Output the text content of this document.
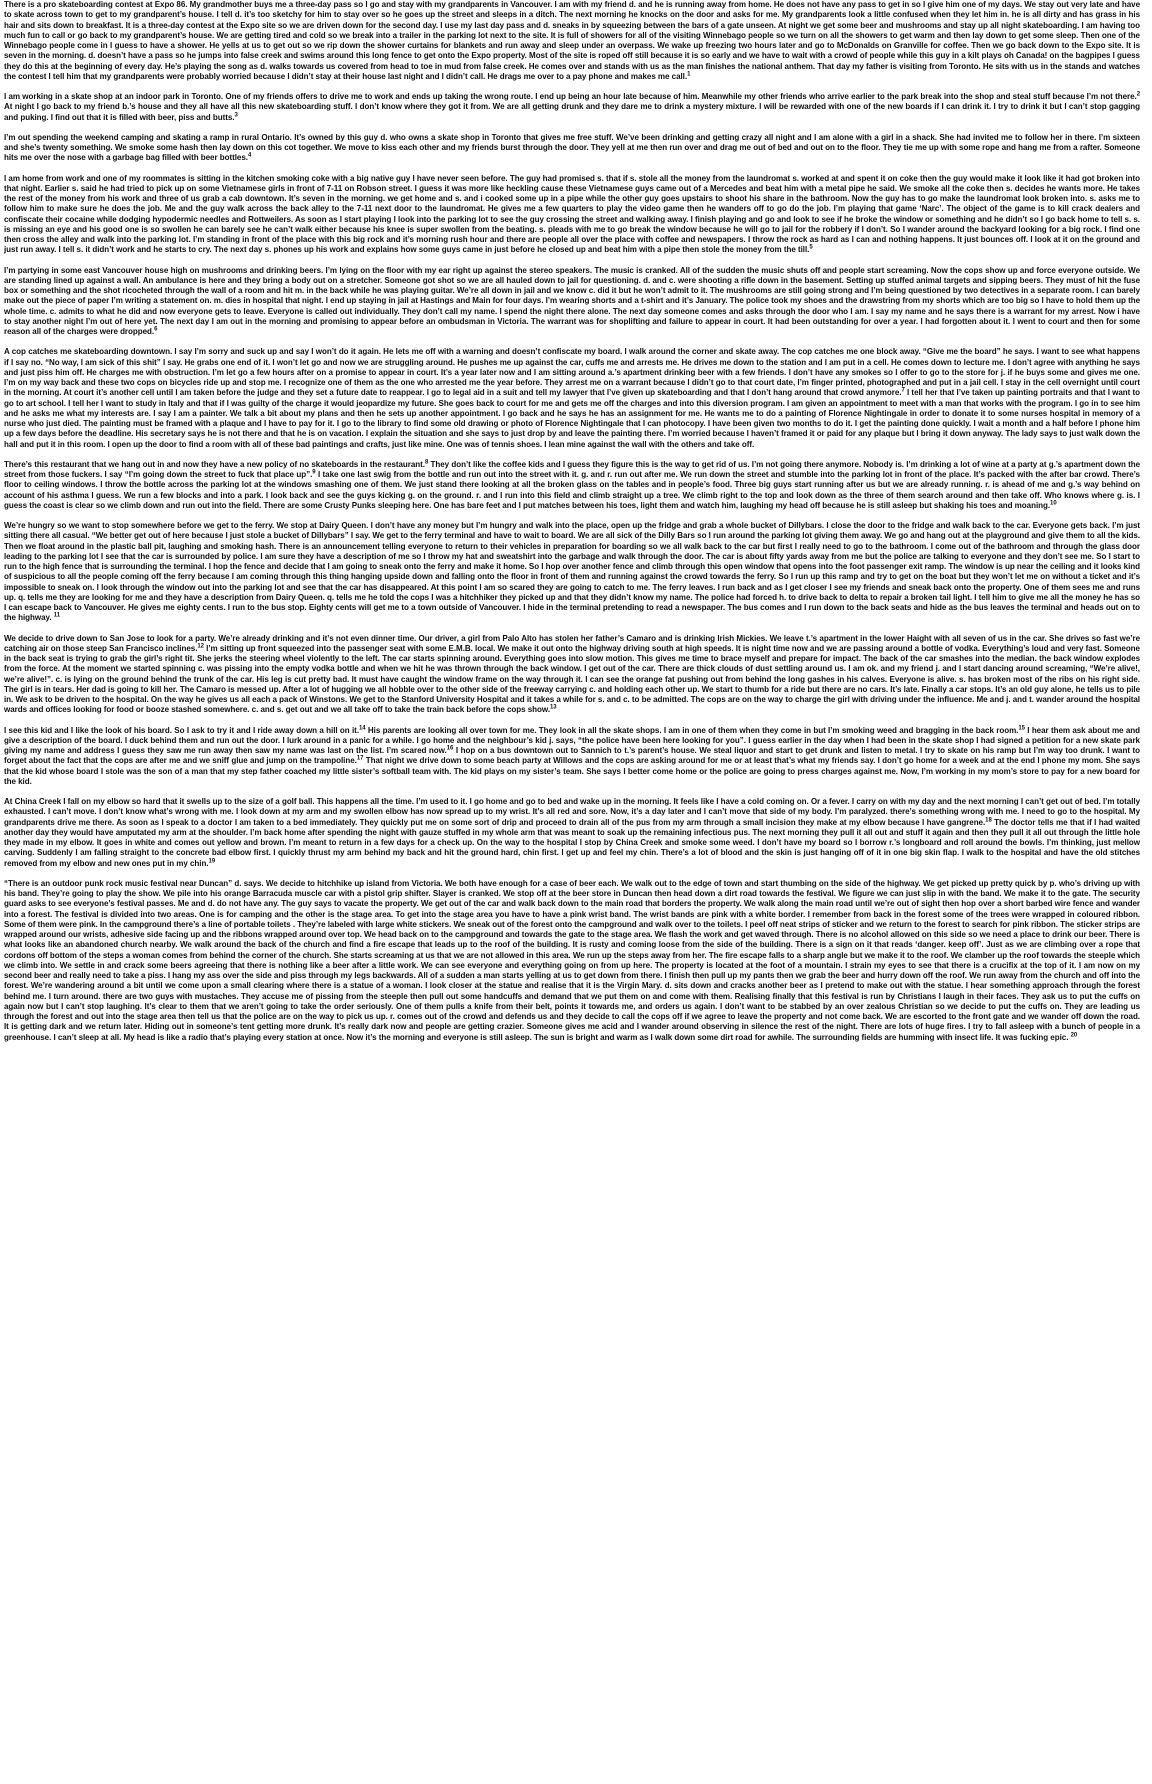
There is a pro skateboarding contest at Expo 86. My grandmother buys me a three-day pass so I go and stay with my grandparents in Vancouver. I am with my friend d. and he is running away from home. He does not have any pass to get in so I give him one of my days. We stay out very late and have to skate across town to get to my grandparent’s house. I tell d. it’s too sketchy for him to stay over so he goes up the street and sleeps in a ditch. The next morning he knocks on the door and asks for me. My grandparents look a little confused when they let him in. he is all dirty and has grass in his hair and sits down to breakfast. It is a three-day contest at the Expo site so we are driven down for the second day. I use my last day pass and d. sneaks in by squeezing between the bars of a gate unseen. At night we get some beer and mushrooms and stay up all night skateboarding. I am having too much fun to call or go back to my grandparent’s house. We are getting tired and cold so we break into a trailer in the parking lot next to the site. It is full of showers for all of the visiting Winnebago people so we turn on all the showers to get warm and then lay down to get some sleep. Then one of the Winnebago people come in I guess to have a shower. He yells at us to get out so we rip down the shower curtains for blankets and run away and sleep under an overpass. We wake up freezing two hours later and go to McDonalds on Granville for coffee. Then we go back down to the Expo site. It is seven in the morning. d. doesn’t have a pass so he jumps into false creek and swims around this long fence to get onto the Expo property. Most of the site is roped off still because it is so early and we have to wait with a crowd of people while this guy in a kilt plays oh Canada! on the bagpipes I guess they do this at the beginning of every day. He’s playing the song as d. walks towards us covered from head to toe in mud from false creek. He comes over and stands with us as the man finishes the national anthem. That day my father is visiting from Toronto. He sits with us in the stands and watches the contest I tell him that my grandparents were probably worried because I didn’t stay at their house last night and I didn’t call. He drags me over to a pay phone and makes me call.$^1$

I am working in a skate shop at an indoor park in Toronto. One of my friends offers to drive me to work and ends up taking the wrong route. I end up being an hour late because of him. Meanwhile my other friends who arrive earlier to the park break into the shop and steal stuff because I’m not there.$^2$ At night I go back to my friend b.’s house and they all have all this new skateboarding stuff. I don’t know where they got it from. We are all getting drunk and they dare me to drink a mystery mixture. I will be rewarded with one of the new boards if I can drink it. I try to drink it but I can’t stop gagging and puking. I find out that it is filled with beer, piss and butts.$^3$

I’m out spending the weekend camping and skating a ramp in rural Ontario. It’s owned by this guy d. who owns a skate shop in Toronto that gives me free stuff. We’ve been drinking and getting crazy all night and I am alone with a girl in a shack. She had invited me to follow her in there. I’m sixteen and she’s twenty something. We smoke some hash then lay down on this cot together. We move to kiss each other and my friends burst through the door. They yell at me then run over and drag me out of bed and out on to the floor. They tie me up with some rope and hang me from a rafter. Someone hits me over the nose with a garbage bag filled with beer bottles.$^4$

I am home from work and one of my roommates is sitting in the kitchen smoking coke with a big native guy I have never seen before. The guy had promised s. that if s. stole all the money from the laundromat s. worked at and spent it on coke then the guy would make it look like it had got broken into that night. Earlier s. said he had tried to pick up on some Vietnamese girls in front of 7-11 on Robson street. I guess it was more like heckling cause these Vietnamese guys came out of a Mercedes and beat him with a metal pipe he said. We smoke all the coke then s. decides he wants more. He takes the rest of the money from his work and three of us grab a cab downtown. It’s seven in the morning. we get home and s. and i cooked some up in a pipe while the other guy goes upstairs to shoot his share in the bathroom. Now the guy has to go make the laundromat look broken into. s. asks me to follow him to make sure he does the job. Me and the guy walk across the back alley to the 7-11 next door to the laundromat. He gives me a few quarters to play the video game then he wanders off to go do the job. I’m playing that game ‘Narc’. The object of the game is to kill crack dealers and confiscate their cocaine while dodging hypodermic needles and Rottweilers. As soon as I start playing I look into the parking lot to see the guy crossing the street and walking away. I finish playing and go and look to see if he broke the window or something and he didn’t so I go back home to tell s. s. is missing an eye and his good one is so swollen he can barely see he can’t walk either because his knee is super swollen from the beating. s. pleads with me to go break the window because he will go to jail for the robbery if I don’t. So I wander around the backyard looking for a big rock. I find one then cross the alley and walk into the parking lot. I’m standing in front of the place with this big rock and it’s morning rush hour and there are people all over the place with coffee and newspapers. I throw the rock as hard as I can and nothing happens. It just bounces off. I look at it on the ground and just run away. I tell s. it didn’t work and he starts to cry. The next day s. phones up his work and explains how some guys came in just before he closed up and beat him with a pipe then stole the money from the till.$^5$

I’m partying in some east Vancouver house high on mushrooms and drinking beers. I’m lying on the floor with my ear right up against the stereo speakers. The music is cranked. All of the sudden the music shuts off and people start screaming. Now the cops show up and force everyone outside. We are standing lined up against a wall. An ambulance is here and they bring a body out on a stretcher. Someone got shot so we are all hauled down to jail for questioning. d. and c. were shooting a rifle down in the basement. Setting up stuffed animal targets and sipping beers. They must of hit the fuse box or something and the shot ricocheted through the wall of a room and hit m. in the back while he was playing guitar. We’re all down in jail and we know c. did it but he won’t admit to it. The mushrooms are still going strong and I’m being questioned by two detectives in a separate room. I can barely make out the piece of paper I’m writing a statement on. m. dies in hospital that night. I end up staying in jail at Hastings and Main for four days. I’m wearing shorts and a t-shirt and it’s January. The police took my shoes and the drawstring from my shorts which are too big so I have to hold them up the whole time. c. admits to what he did and now everyone gets to leave. Everyone is called out individually. They don’t call my name. I spend the night there alone. The next day someone comes and asks through the door who I am. I say my name and he says there is a warrant for my arrest. Now i have to stay another night I’m out of here yet. The next day I am out in the morning and promising to appear before an ombudsman in Victoria. The warrant was for shoplifting and failure to appear in court. It had been outstanding for over a year. I had forgotten about it. I went to court and then for some reason all of the charges were dropped.$^6$

A cop catches me skateboarding downtown. I say I’m sorry and suck up and say I won’t do it again. He lets me off with a warning and doesn’t confiscate my board. I walk around the corner and skate away. The cop catches me one block away. “Give me the board” he says. I want to see what happens if I say no. “No way, I am sick of this shit” I say. He grabs one end of it. I won’t let go and now we are struggling around. He pushes me up against the car, cuffs me and arrests me. He drives me down to the station and I am put in a cell. He comes down to lecture me. I don’t agree with anything he says and just piss him off. He charges me with obstruction. I’m let go a few hours after on a promise to appear in court. It’s a year later now and I am sitting around a.’s apartment drinking beer with a few friends. I don’t have any smokes so I offer to go to the store for j. if he buys some and gives me one. I’m on my way back and these two cops on bicycles ride up and stop me. I recognize one of them as the one who arrested me the year before. They arrest me on a warrant because I didn’t go to that court date, I’m finger printed, photographed and put in a jail cell. I stay in the cell overnight until court in the morning. At court it’s another cell until I am taken before the judge and they set a future date to reappear. I go to legal aid in a suit and tell my lawyer that I’ve given up skateboarding and that I don’t hang around that crowd anymore.$^7$ I tell her that I’ve taken up painting portraits and that I want to go to art school. I tell her I want to study in Italy and that if I was guilty of the charge it would jeopardize my future. She goes back to court for me and gets me off the charges and into this diversion program. I am given an appointment to meet with a man that works with the program. I go in to see him and he asks me what my interests are. I say I am a painter. We talk a bit about my plans and then he sets up another appointment. I go back and he says he has an assignment for me. He wants me to do a painting of Florence Nightingale in order to donate it to some nurses hospital in memory of a nurse who just died. The painting must be framed with a plaque and I have to pay for it. I go to the library to find some old drawing or photo of Florence Nightingale that I can photocopy. I have been given two months to do it. I get the painting done quickly. I wait a month and a half before I phone him up a few days before the deadline. His secretary says he is not there and that he is on vacation. I explain the situation and she says to just drop by and leave the painting there. I’m worried because I haven’t framed it or paid for any plaque but I bring it down anyway. The lady says to just walk down the hall and put it in this room. I open up the door to find a room with all of these bad paintings and crafts, just like mine. One was of tennis shoes. I lean mine against the wall with the others and take off.

There’s this restaurant that we hang out in and now they have a new policy of no skateboards in the restaurant.$^8$ They don’t like the coffee kids and I guess they figure this is the way to get rid of us. I’m not going there anymore. Nobody is. I’m drinking a lot of wine at a party at g.’s apartment down the street from those fuckers. I say “I’m going down the street to fuck that place up”.$^9$ I take one last swig from the bottle and run out into the street with it. g. and r. run out after me. We run down the street and stumble into the parking lot in front of the place. It’s packed with the after bar crowd. There’s floor to ceiling windows. I throw the bottle across the parking lot at the windows smashing one of them. We just stand there looking at all the broken glass on the tables and in people’s food. Three big guys start running after us but we are already running. r. is ahead of me and g.’s way behind on account of his asthma I guess. We run a few blocks and into a park. I look back and see the guys kicking g. on the ground. r. and I run into this field and climb straight up a tree. We climb right to the top and look down as the three of them search around and then take off. Who knows where g. is. I guess the coast is clear so we climb down and run out into the field. There are some Crusty Punks sleeping here. One has bare feet and I put matches between his toes, light them and watch him, laughing my head off because he is still asleep but shaking his toes and moaning.$^{10}$

We’re hungry so we want to stop somewhere before we get to the ferry. We stop at Dairy Queen. I don’t have any money but I’m hungry and walk into the place, open up the fridge and grab a whole bucket of Dillybars. I close the door to the fridge and walk back to the car. Everyone gets back. I’m just sitting there all casual. “We better get out of here because I just stole a bucket of Dillybars” I say. We get to the ferry terminal and have to wait to board. We are all sick of the Dilly Bars so I run around the parking lot giving them away. We go and hang out at the playground and give them to all the kids. Then we float around in the plastic ball pit, laughing and smoking hash. There is an announcement telling everyone to return to their vehicles in preparation for boarding so we all walk back to the car but first I really need to go to the bathroom. I come out of the bathroom and through the glass door leading to the parking lot I see that the car is surrounded by police. I am sure they have a description of me so I throw my hat and sweatshirt into the garbage and walk through the door. The car is about fifty yards away from me but the police are talking to everyone and they don’t see me. So I start to run to the high fence that is surrounding the terminal. I hop the fence and decide that I am going to sneak onto the ferry and make it home. So I hop over another fence and climb through this open window that opens into the foot passenger exit ramp. The window is up near the ceiling and it looks kind of suspicious to all the people coming off the ferry because I am coming through this thing hanging upside down and falling onto the floor in front of them and running against the crowd towards the ferry. So I run up this ramp and try to get on the boat but they won’t let me on without a ticket and it’s impossible to sneak on. I look through the window out into the parking lot and see that the car has disappeared. At this point I am so scared they are going to catch to me. The ferry leaves. I run back and as I get closer I see my friends and sneak back onto the property. One of them sees me and runs up. q. tells me they are looking for me and they have a description from Dairy Queen. q. tells me he told the cops I was a hitchhiker they picked up and that they didn’t know my name. The police had forced h. to drive back to delta to repair a broken tail light. I tell him to give me all the money he has so I can escape back to Vancouver. He gives me eighty cents. I run to the bus stop. Eighty cents will get me to a town outside of Vancouver. I hide in the terminal pretending to read a newspaper. The bus comes and I run down to the back seats and hide as the bus leaves the terminal and heads out on to the highway. $^{11}$

We decide to drive down to San Jose to look for a party. We’re already drinking and it’s not even dinner time. Our driver, a girl from Palo Alto has stolen her father’s Camaro and is drinking Irish Mickies. We leave t.’s apartment in the lower Haight with all seven of us in the car. She drives so fast we’re catching air on those steep San Francisco inclines.$^{12}$ I’m sitting up front squeezed into the passenger seat with some E.M.B. local. We make it out onto the highway driving south at high speeds. It is night time now and we are passing around a bottle of vodka. Everything’s loud and very fast. Someone in the back seat is trying to grab the girl’s right tit. She jerks the steering wheel violently to the left. The car starts spinning around. Everything goes into slow motion. This gives me time to brace myself and prepare for impact. The back of the car smashes into the median. the back window explodes from the force. At the moment we started spinning c. was pissing into the empty vodka bottle and when we hit he was thrown through the back window. I get out of the car. There are thick clouds of dust settling around us. I am ok. and my friend j. and I start dancing around screaming, “We’re alive!, we’re alive!”. c. is lying on the ground behind the trunk of the car. His leg is cut pretty bad. It must have caught the window frame on the way through it. I can see the orange fat pushing out from behind the long gashes in his calves. Everyone is alive. s. has broken most of the ribs on his right side. The girl is in tears. Her dad is going to kill her. The Camaro is messed up. After a lot of hugging we all hobble over to the other side of the freeway carrying c. and holding each other up. We start to thumb for a ride but there are no cars. It’s late. Finally a car stops. It’s an old guy alone, he tells us to pile in. We ask to be driven to the hospital. On the way he gives us all each a pack of Winstons. We get to the Stanford University Hospital and it takes a while for s. and c. to be admitted. The cops are on the way to charge the girl with driving under the influence. Me and j. and t. wander around the hospital wards and offices looking for food or booze stashed somewhere. c. and s. get out and we all take off to take the train back before the cops show.$^{13}$

I see this kid and I like the look of his board. So I ask to try it and I ride away down a hill on it.$^{14}$ His parents are looking all over town for me. They look in all the skate shops. I am in one of them when they come in but I’m smoking weed and bragging in the back room.$^{15}$ I hear them ask about me and give a description of the board. I duck behind them and run out the door. I lurk around in a panic for a while. I go home and the neighbour’s kid j. says, “the police have been here looking for you”. I guess earlier in the day when I had been in the skate shop I had signed a petition for a new skate park giving my name and address I guess they saw me run away then saw my name was last on the list. I’m scared now.$^{16}$ I hop on a bus downtown out to Sannich to t.’s parent’s house. We steal liquor and start to get drunk and listen to metal. I try to skate on his ramp but I’m way too drunk. I want to forget about the fact that the cops are after me and we sniff glue and jump on the trampoline.$^{17}$ That night we drive down to some beach party at Willows and the cops are asking around for me or at least that’s what my friends say. I don’t go home for a week and at the end I phone my mom. She says that the kid whose board I stole was the son of a man that my step father coached my little sister’s softball team with. The kid plays on my sister’s team. She says I better come home or the police are going to press charges against me. Now, I’m working in my mom’s store to pay for a new board for the kid.

At China Creek I fall on my elbow so hard that it swells up to the size of a golf ball. This happens all the time. I’m used to it. I go home and go to bed and wake up in the morning. It feels like I have a cold coming on. Or a fever. I carry on with my day and the next morning I can’t get out of bed. I’m totally exhausted. I can’t move. I don’t know what’s wrong with me. I look down at my arm and my swollen elbow has now spread up to my wrist. It’s all red and sore. Now, it’s a day later and I can’t move that side of my body. I’m paralyzed. there’s something wrong with me. I need to go to the hospital. My grandparents drive me there. As soon as I speak to a doctor I am taken to a bed immediately. They quickly put me on some sort of drip and proceed to drain all of the pus from my arm through a small incision they make at my elbow because I have gangrene.$^{18}$ The doctor tells me that if I had waited another day they would have amputated my arm at the shoulder. I’m back home after spending the night with gauze stuffed in my whole arm that was meant to soak up the remaining infectious pus. The next morning they pull it all out and stuff it again and then they pull it all out through the little hole they made in my elbow. It goes in white and comes out yellow and brown. I’m meant to return in a few days for a check up. On the way to the hospital I stop by China Creek and smoke some weed. I don’t have my board so I borrow r.’s longboard and roll around the bowls. I’m thinking, just mellow carving. Suddenly I am falling straight to the concrete bad elbow first. I quickly thrust my arm behind my back and hit the ground hard, chin first. I get up and feel my chin. There’s a lot of blood and the skin is just hanging off of it in one big skin flap. I walk to the hospital and have the old stitches removed from my elbow and new ones put in my chin.$^{19}$

“There is an outdoor punk rock music festival near Duncan” d. says. We decide to hitchhike up island from Victoria. We both have enough for a case of beer each. We walk out to the edge of town and start thumbing on the side of the highway. We get picked up pretty quick by p. who’s driving up with his band. They’re going to play the show. We pile into his orange Barracuda muscle car with a pistol grip shifter. Slayer is cranked. We stop off at the beer store in Duncan then head down a dirt road towards the festival. We figure we can just slip in with the band. We make it to the gate. The security guard asks to see everyone’s festival passes. Me and d. do not have any. The guy says to vacate the property. We get out of the car and walk back down to the main road that borders the property. We walk along the main road until we’re out of sight then hop over a short barbed wire fence and wander into a forest. The festival is divided into two areas. One is for camping and the other is the stage area. To get into the stage area you have to have a pink wrist band. The wrist bands are pink with a white border. I remember from back in the forest some of the trees were wrapped in coloured ribbon. Some of them were pink. In the campground there’s a line of portable toilets . They’re labeled with large white stickers. We sneak out of the forest onto the campground and walk over to the toilets. I peel off neat strips of sticker and we return to the forest to search for pink ribbon. The sticker strips are wrapped around our wrists, adhesive side facing up and the ribbons wrapped around over top. We head back on to the campground and towards the gate to the stage area. We flash the work and get waved through. There is no alcohol allowed on this side so we need a place to drink our beer. There is what looks like an abandoned church nearby. We walk around the back of the church and find a fire escape that leads up to the roof of the building. It is rusty and coming loose from the side of the building. There is a sign on it that reads ‘danger. keep off’. Just as we are climbing over a rope that cordons off bottom of the steps a woman comes from behind the corner of the church. She starts screaming at us that we are not allowed in this area. We run up the steps away from her. The fire escape falls to a sharp angle but we make it to the roof. We clamber up the roof towards the steeple which we climb into. We settle in and crack some beers agreeing that there is nothing like a beer after a little work. We can see everyone and everything going on from up here. The property is located at the foot of a mountain. I strain my eyes to see that there is a crucifix at the top of it. I am now on my second beer and really need to take a piss. I hang my ass over the side and piss through my legs backwards. All of a sudden a man starts yelling at us to get down from there. I finish then pull up my pants then we grab the beer and hurry down off the roof. We run away from the church and off into the forest. We’re wandering around a bit until we come upon a small clearing where there is a statue of a woman. I look closer at the statue and realise that it is the Virgin Mary. d. sits down and cracks another beer as I pretend to make out with the statue. I hear something approach through the forest behind me. I turn around. there are two guys with mustaches. They accuse me of pissing from the steeple then pull out some handcuffs and demand that we put them on and come with them. Realising finally that this festival is run by Christians I laugh in their faces. They ask us to put the cuffs on again now but I can’t stop laughing. It’s clear to them that we aren’t going to take the order seriously. One of them pulls a knife from their belt, points it towards me, and orders us again. I don’t want to be stabbed by an over zealous Christian so we decide to put the cuffs on. They are leading us through the forest and out into the stage area then tell us that the police are on the way to pick us up. r. comes out of the crowd and defends us and they decide to call the cops off if we agree to leave the property and not come back. We are escorted to the front gate and we wander off down the road. It is getting dark and we return later. Hiding out in someone’s tent getting more drunk. It’s really dark now and people are getting crazier. Someone gives me acid and I wander around observing in silence the rest of the night. There are lots of huge fires. I try to fall asleep with a bunch of people in a greenhouse. I can’t sleep at all. My head is like a radio that’s playing every station at once. Now it’s the morning and everyone is still asleep. The sun is bright and warm as I walk down some dirt road for awhile. The surrounding fields are humming with insect life. It was fucking epic. $^{20}$
